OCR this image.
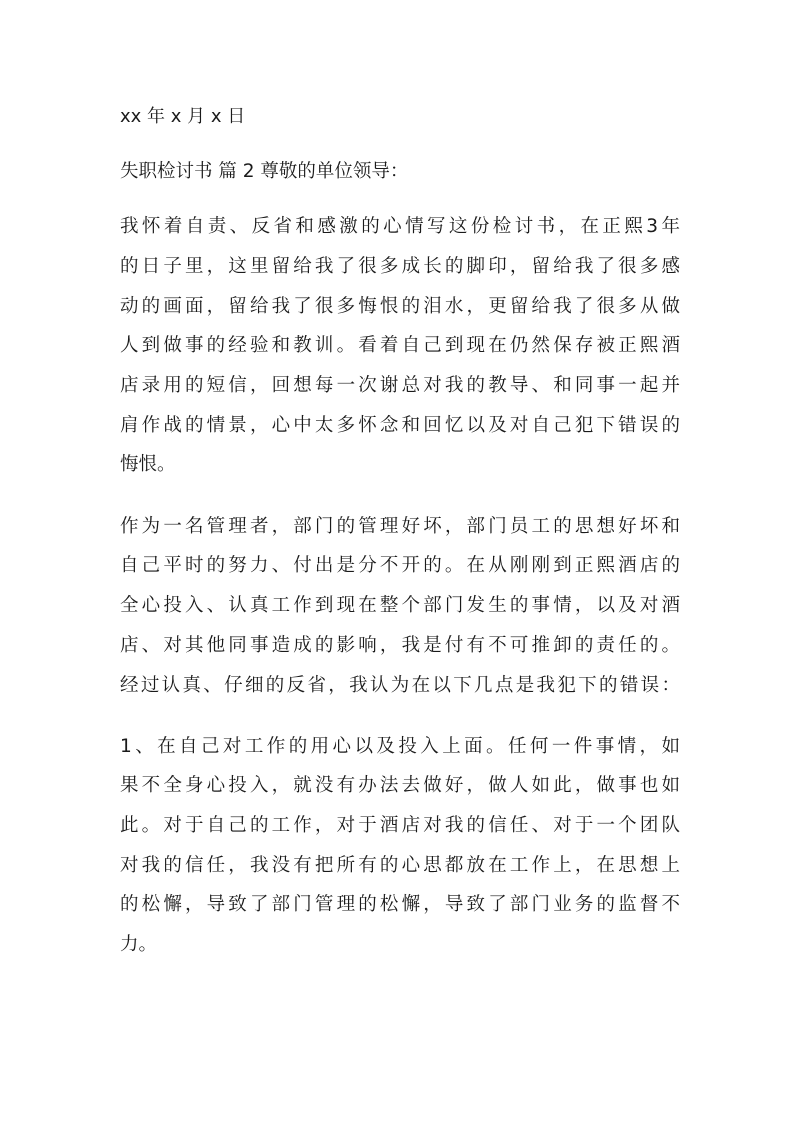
xx 年 x 月 x 日
失职检讨书 篇 2 尊敬的单位领导：
我怀着自责、反省和感激的心情写这份检讨书，在正熙3年
的日子里，这里留给我了很多成长的脚印，留给我了很多感
动的画面，留给我了很多悔恨的泪水，更留给我了很多从做
人到做事的经验和教训。看着自己到现在仍然保存被正熙酒
店录用的短信，回想每一次谢总对我的教导、和同事一起并
肩作战的情景，心中太多怀念和回忆以及对自己犯下错误的
悔恨。
作为一名管理者，部门的管理好坏，部门员工的思想好坏和
自己平时的努力、付出是分不开的。在从刚刚到正熙酒店的
全心投入、认真工作到现在整个部门发生的事情，以及对酒
店、对其他同事造成的影响，我是付有不可推卸的责任的。
经过认真、仔细的反省，我认为在以下几点是我犯下的错误：
1、在自己对工作的用心以及投入上面。任何一件事情，如
果不全身心投入，就没有办法去做好，做人如此，做事也如
此。对于自己的工作，对于酒店对我的信任、对于一个团队
对我的信任，我没有把所有的心思都放在工作上，在思想上
的松懈，导致了部门管理的松懈，导致了部门业务的监督不
力。
